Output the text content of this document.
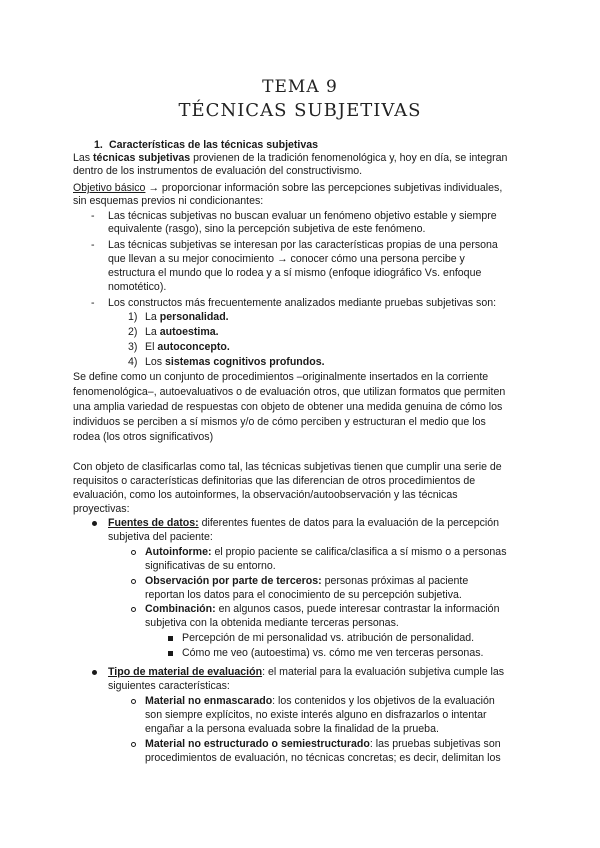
TEMA 9
TÉCNICAS SUBJETIVAS
1. Características de las técnicas subjetivas
Las técnicas subjetivas provienen de la tradición fenomenológica y, hoy en día, se integran
dentro de los instrumentos de evaluación del constructivismo.
Objetivo básico → proporcionar información sobre las percepciones subjetivas individuales,
sin esquemas previos ni condicionantes:
- Las técnicas subjetivas no buscan evaluar un fenómeno objetivo estable y siempre
equivalente (rasgo), sino la percepción subjetiva de este fenómeno.
- Las técnicas subjetivas se interesan por las características propias de una persona
que llevan a su mejor conocimiento → conocer cómo una persona percibe y
estructura el mundo que lo rodea y a sí mismo (enfoque idiográfico Vs. enfoque
nomotético).
- Los constructos más frecuentemente analizados mediante pruebas subjetivas son:
1) La personalidad.
2) La autoestima.
3) El autoconcepto.
4) Los sistemas cognitivos profundos.
Se define como un conjunto de procedimientos –originalmente insertados en la corriente
fenomenológica–, autoevaluativos o de evaluación otros, que utilizan formatos que permiten
una amplia variedad de respuestas con objeto de obtener una medida genuina de cómo los
individuos se perciben a sí mismos y/o de cómo perciben y estructuran el medio que los
rodea (los otros significativos)
Con objeto de clasificarlas como tal, las técnicas subjetivas tienen que cumplir una serie de
requisitos o características definitorias que las diferencian de otros procedimientos de
evaluación, como los autoinformes, la observación/autoobservación y las técnicas
proyectivas:
Fuentes de datos: diferentes fuentes de datos para la evaluación de la percepción
subjetiva del paciente:
Autoinforme: el propio paciente se califica/clasifica a sí mismo o a personas
significativas de su entorno.
Observación por parte de terceros: personas próximas al paciente
reportan los datos para el conocimiento de su percepción subjetiva.
Combinación: en algunos casos, puede interesar contrastar la información
subjetiva con la obtenida mediante terceras personas.
Percepción de mi personalidad vs. atribución de personalidad.
Cómo me veo (autoestima) vs. cómo me ven terceras personas.
Tipo de material de evaluación: el material para la evaluación subjetiva cumple las
siguientes características:
Material no enmascarado: los contenidos y los objetivos de la evaluación
son siempre explícitos, no existe interés alguno en disfrazarlos o intentar
engañar a la persona evaluada sobre la finalidad de la prueba.
Material no estructurado o semiestructurado: las pruebas subjetivas son
procedimientos de evaluación, no técnicas concretas; es decir, delimitan los
